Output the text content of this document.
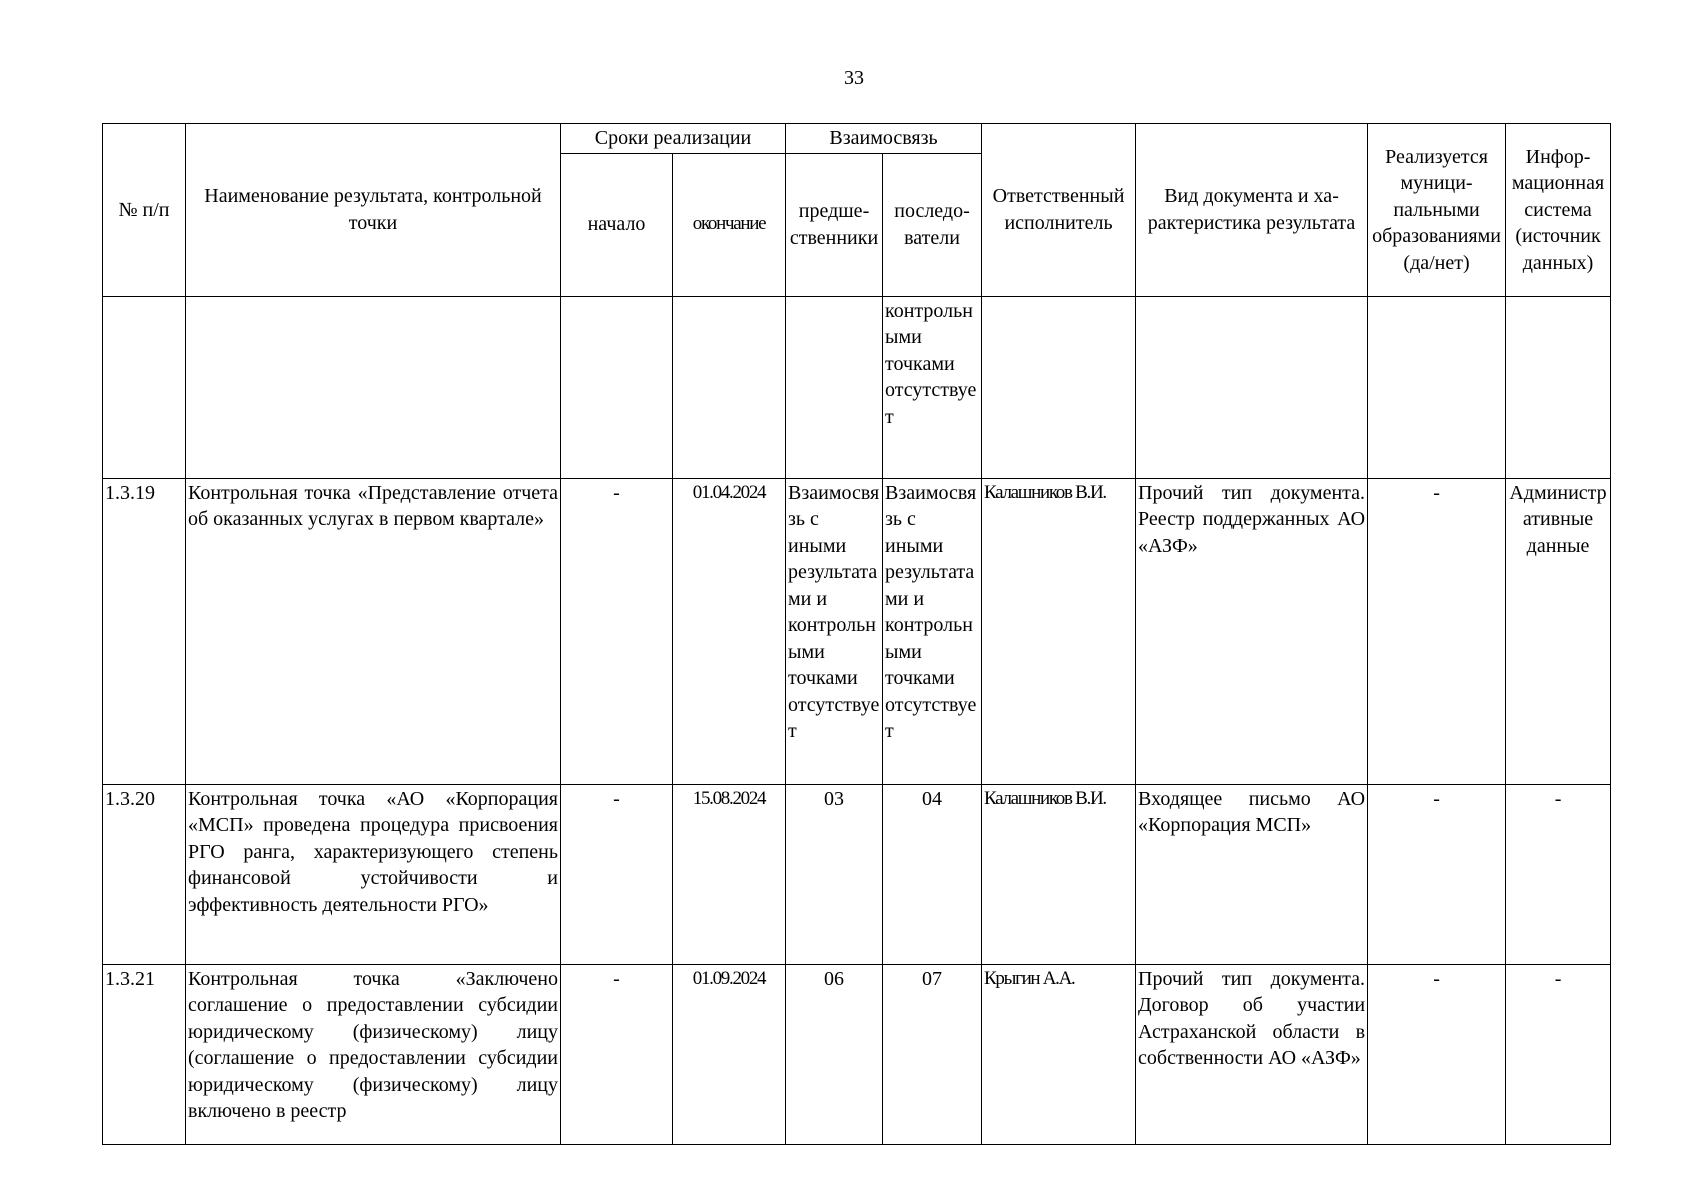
33
№ п/п	Наименование результата, контрольной точки	Сроки реализации		Взаимосвязь		Ответственный исполнитель	Вид документа и характеристика результата	Реализуется муниципальными образованиями (да/нет)	Информационная система (источник данных)
		начало	окончание	предшественники	последователи				
					контрольными точками отсутствует				
1.3.19	Контрольная точка «Представление отчета об оказанных услугах в первом квартале»	-	01.04.2024	Взаимосвязь с иными результатами и контрольными точками отсутствует	Взаимосвязь с иными результатами и контрольными точками отсутствует	Калашников В.И.	Прочий тип документа. Реестр поддержанных АО «АЗФ»	-	Административные данные
1.3.20	Контрольная точка «АО «Корпорация «МСП» проведена процедура присвоения РГО ранга, характеризующего степень финансовой устойчивости и эффективность деятельности РГО»	-	15.08.2024	03	04	Калашников В.И.	Входящее письмо АО «Корпорация МСП»	-	-
1.3.21	Контрольная точка «Заключено соглашение о предоставлении субсидии юридическому (физическому) лицу (соглашение о предоставлении субсидии юридическому (физическому) лицу включено в реестр	-	01.09.2024	06	07	Крыгин А.А.	Прочий тип документа. Договор об участии Астраханской области в собственности АО «АЗФ»	-	-
